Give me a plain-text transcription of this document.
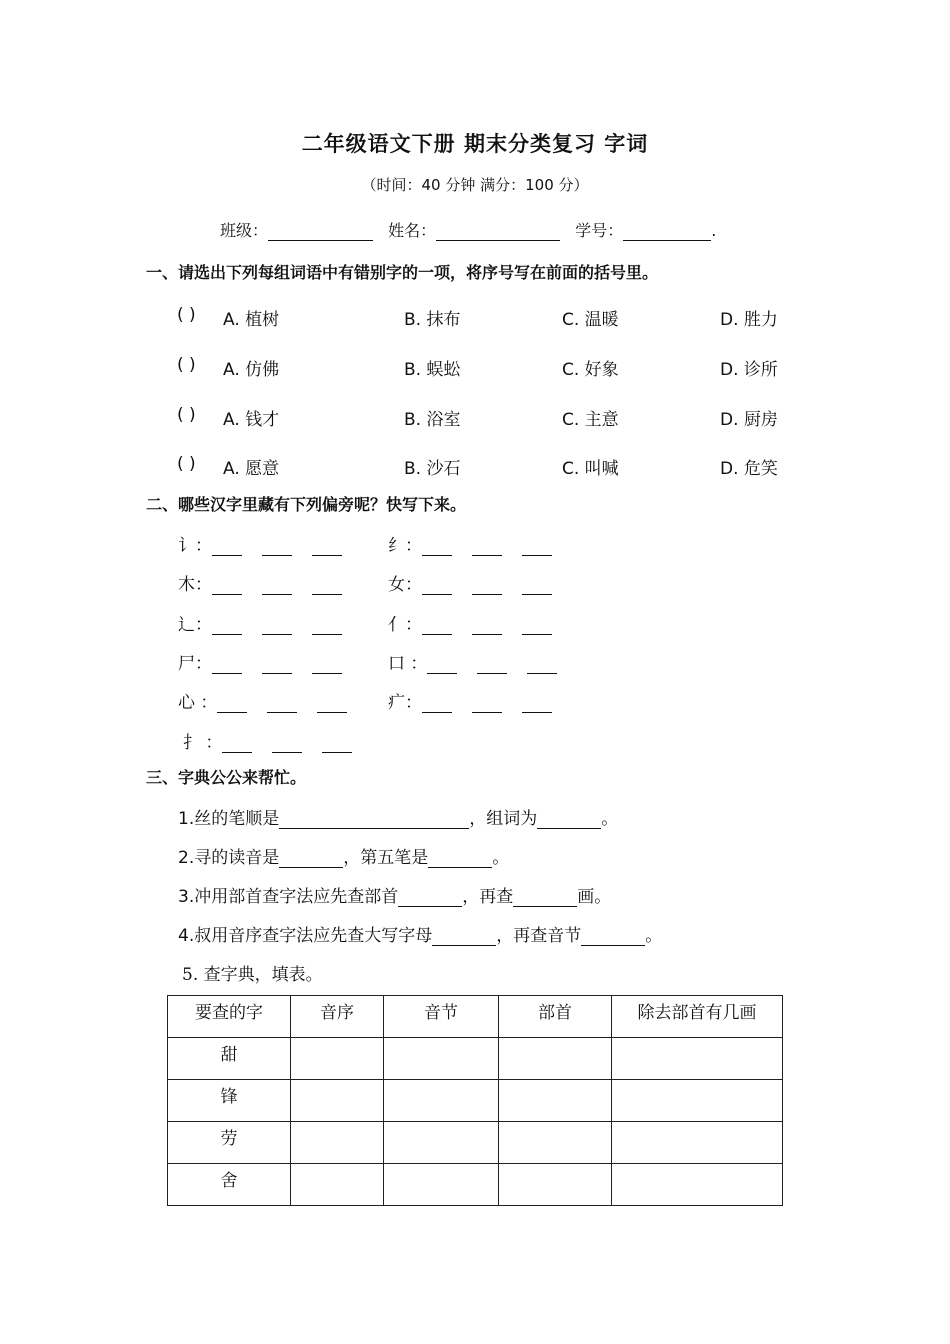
二年级语文下册 期末分类复习 字词
（时间：40 分钟 满分：100 分）
班级：	姓名：	学号：	.
一、请选出下列每组词语中有错别字的一项，将序号写在前面的括号里。
( ) A. 植树	B. 抹布	C. 温暖	D. 胜力
( ) A. 仿佛	B. 蜈蚣	C. 好象	D. 诊所
( ) A. 钱才	B. 浴室	C. 主意	D. 厨房
( ) A. 愿意	B. 沙石	C. 叫喊	D. 危笑
二、哪些汉字里藏有下列偏旁呢？快写下来。
讠：	纟：
木：	女：
辶：	亻：
尸：	口 ：
心 ：	疒：
扌 ：
三、字典公公来帮忙。
1.丝的笔顺是	，组词为	。
2.寻的读音是	，第五笔是	。
3.冲用部首查字法应先查部首	，再查	画。
4.叔用音序查字法应先查大写字母	，再查音节	。
5. 查字典，填表。
要查的字	音序	音节	部首	除去部首有几画
甜				
锋				
劳				
舍				
